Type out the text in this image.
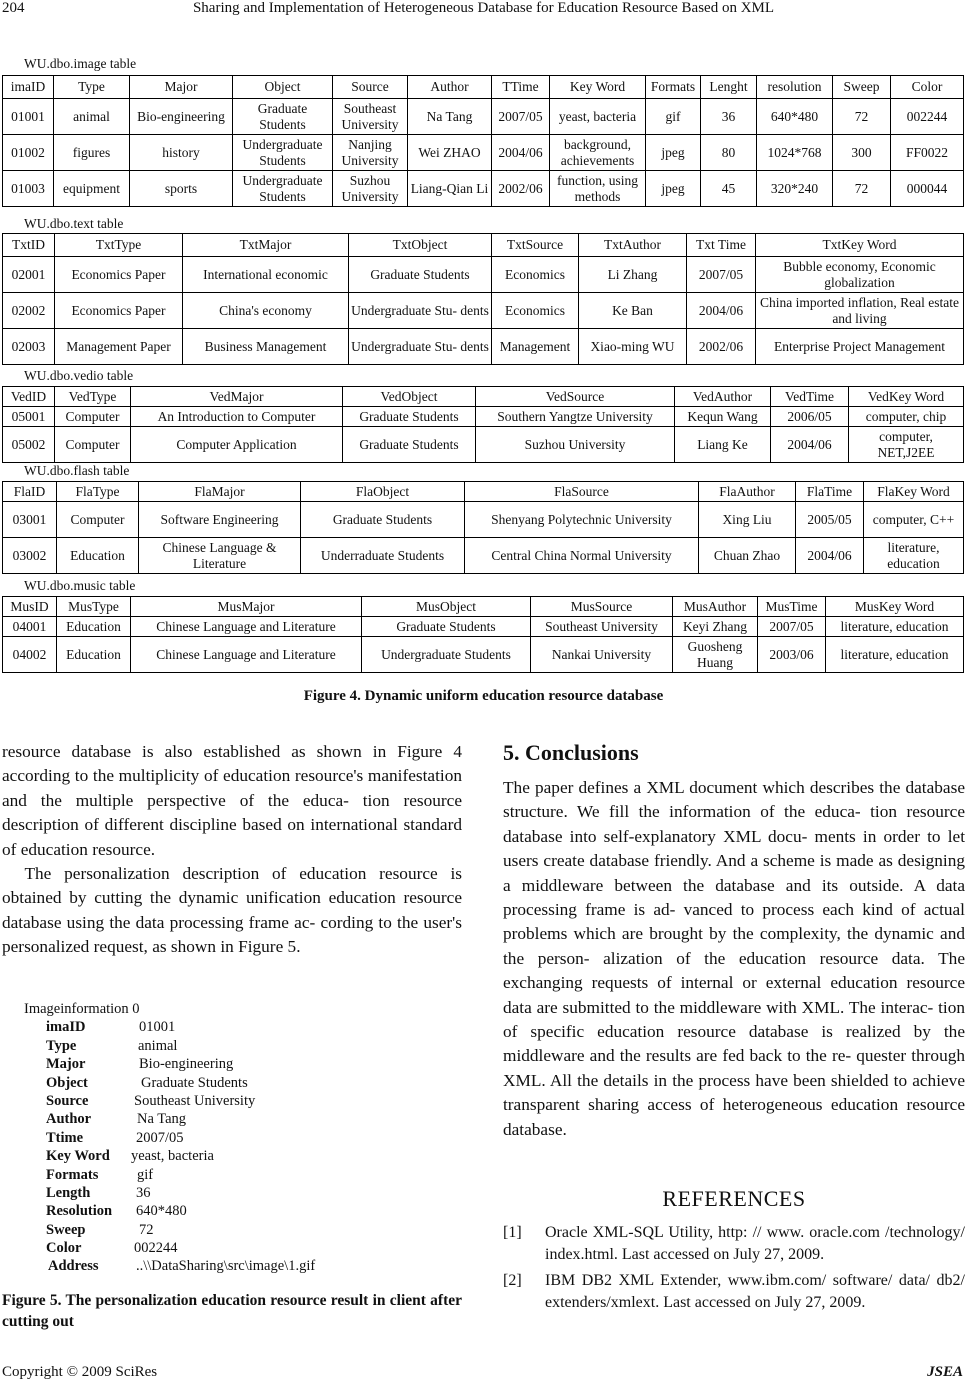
204	Sharing and Implementation of Heterogeneous Database for Education Resource Based on XML
WU.dbo.image table
imaID	Type	Major	Object	Source	Author	TTime	Key Word	Formats	Lenght	resolution	Sweep	Color
01001	animal	Bio-engineering	Graduate Students	Southeast University	Na Tang	2007/05	yeast, bacteria	gif	36	640*480	72	002244
01002	figures	history	Undergraduate Students	Nanjing University	Wei ZHAO	2004/06	background, achievements	jpeg	80	1024*768	300	FF0022
01003	equipment	sports	Undergraduate Students	Suzhou University	Liang-Qian Li	2002/06	function, using methods	jpeg	45	320*240	72	000044
WU.dbo.text table
TxtID	TxtType	TxtMajor	TxtObject	TxtSource	TxtAuthor	Txt Time	TxtKey Word
02001	Economics Paper	International economic	Graduate Students	Economics	Li Zhang	2007/05	Bubble economy, Economic globalization
02002	Economics Paper	China's economy	Undergraduate Stu- dents	Economics	Ke Ban	2004/06	China imported inflation, Real estate and living
02003	Management Paper	Business Management	Undergraduate Stu- dents	Management	Xiao-ming WU	2002/06	Enterprise Project Management
WU.dbo.vedio table
VedID	VedType	VedMajor	VedObject	VedSource	VedAuthor	VedTime	VedKey Word
05001	Computer	An Introduction to Computer	Graduate Students	Southern Yangtze University	Kequn Wang	2006/05	computer, chip
05002	Computer	Computer Application	Graduate Students	Suzhou University	Liang Ke	2004/06	computer, NET,J2EE
WU.dbo.flash table
FlaID	FlaType	FlaMajor	FlaObject	FlaSource	FlaAuthor	FlaTime	FlaKey Word
03001	Computer	Software Engineering	Graduate Students	Shenyang Polytechnic University	Xing Liu	2005/05	computer, C++
03002	Education	Chinese Language & Literature	Underraduate Students	Central China Normal University	Chuan Zhao	2004/06	literature, education
WU.dbo.music table
MusID	MusType	MusMajor	MusObject	MusSource	MusAuthor	MusTime	MusKey Word
04001	Education	Chinese Language and Literature	Graduate Students	Southeast University	Keyi Zhang	2007/05	literature, education
04002	Education	Chinese Language and Literature	Undergraduate Students	Nankai University	Guosheng Huang	2003/06	literature, education
Figure 4. Dynamic uniform education resource database

resource database is also established as shown in Figure 4 according to the multiplicity of education resource's manifestation and the multiple perspective of the educa- tion resource description of different discipline based on international standard of education resource.

The personalization description of education resource is obtained by cutting the dynamic unification education resource database using the data processing frame ac- cording to the user's personalized request, as shown in Figure 5.

Imageinformation 0
imaID	01001
Type	animal
Major	Bio-engineering
Object	Graduate Students
Source	Southeast University
Author	Na Tang
Ttime	2007/05
Key Word yeast, bacteria
Formats	gif
Length	36
Resolution 640*480
Sweep	72
Color	002244
Address	..\\DataSharing\src\image\1.gif
Figure 5. The personalization education resource result in client after cutting out
5. Conclusions

The paper defines a XML document which describes the database structure. We fill the information of the educa- tion resource database into self-explanatory XML docu- ments in order to let users create database friendly. And a scheme is made as designing a middleware between the database and its outside. A data processing frame is ad- vanced to process each kind of actual problems which are brought by the complexity, the dynamic and the person- alization of the education resource data. The exchanging requests of internal or external education resource data are submitted to the middleware with XML. The interac- tion of specific education resource database is realized by the middleware and the results are fed back to the re- quester through XML. All the details in the process have been shielded to achieve transparent sharing access of heterogeneous education resource database.

REFERENCES
[1] Oracle XML-SQL Utility, http: // www. oracle.com /technology/ index.html. Last accessed on July 27, 2009.
[2] IBM DB2 XML Extender, www.ibm.com/ software/ data/ db2/ extenders/xmlext. Last accessed on July 27, 2009.
Copyright © 2009 SciRes	JSEA
